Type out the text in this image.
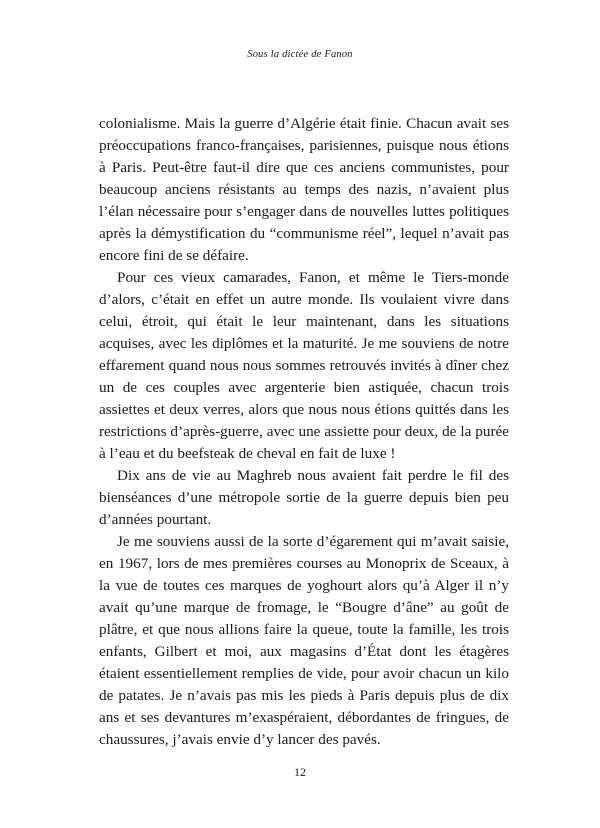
Sous la dictée de Fanon

colonialisme. Mais la guerre d’Algérie était finie. Chacun avait ses préoccupations franco-françaises, parisiennes, puisque nous étions à Paris. Peut-être faut-il dire que ces anciens communistes, pour beaucoup anciens résistants au temps des nazis, n’avaient plus l’élan nécessaire pour s’engager dans de nouvelles luttes politiques après la démystification du “communisme réel”, lequel n’avait pas encore fini de se défaire.

Pour ces vieux camarades, Fanon, et même le Tiers-monde d’alors, c’était en effet un autre monde. Ils voulaient vivre dans celui, étroit, qui était le leur maintenant, dans les situations acquises, avec les diplômes et la maturité. Je me souviens de notre effarement quand nous nous sommes retrouvés invités à dîner chez un de ces couples avec argenterie bien astiquée, chacun trois assiettes et deux verres, alors que nous nous étions quittés dans les restrictions d’après-guerre, avec une assiette pour deux, de la purée à l’eau et du beefsteak de cheval en fait de luxe !

Dix ans de vie au Maghreb nous avaient fait perdre le fil des bienséances d’une métropole sortie de la guerre depuis bien peu d’années pourtant.

Je me souviens aussi de la sorte d’égarement qui m’avait saisie, en 1967, lors de mes premières courses au Monoprix de Sceaux, à la vue de toutes ces marques de yoghourt alors qu’à Alger il n’y avait qu’une marque de fromage, le “Bougre d’âne” au goût de plâtre, et que nous allions faire la queue, toute la famille, les trois enfants, Gilbert et moi, aux magasins d’État dont les étagères étaient essentiellement remplies de vide, pour avoir chacun un kilo de patates. Je n’avais pas mis les pieds à Paris depuis plus de dix ans et ses devantures m’exaspéraient, débordantes de fringues, de chaussures, j’avais envie d’y lancer des pavés.

12
